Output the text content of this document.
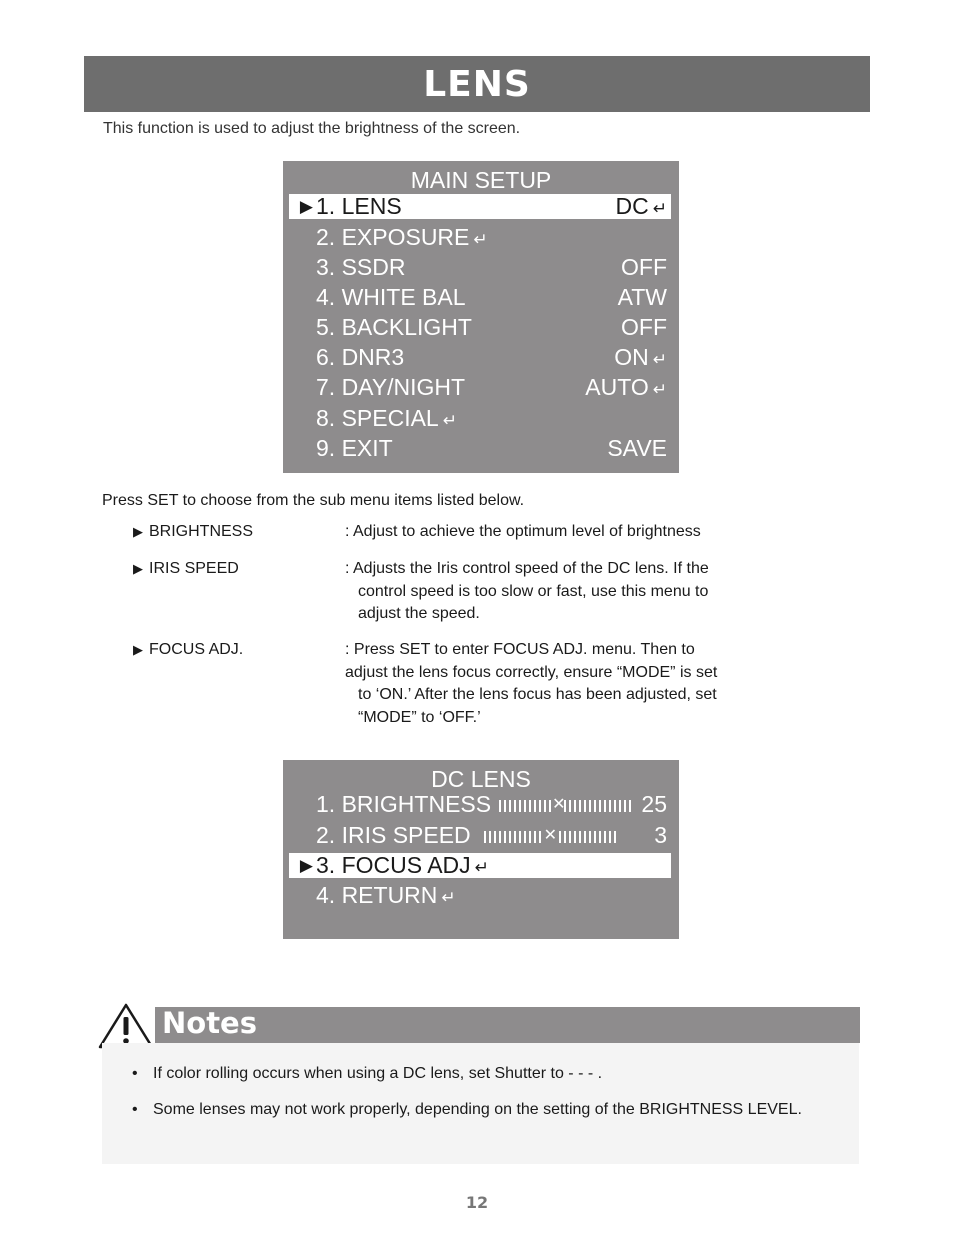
LENS

This function is used to adjust the brightness of the screen.

MAIN SETUP
▶ 1. LENS	DC ↵
2. EXPOSURE ↵
3. SSDR	OFF
4. WHITE BAL	ATW
5. BACKLIGHT	OFF
6. DNR3	ON ↵
7. DAY/NIGHT	AUTO ↵
8. SPECIAL ↵
9. EXIT	SAVE

Press SET to choose from the sub menu items listed below.

▶ BRIGHTNESS	: Adjust to achieve the optimum level of brightness
▶ IRIS SPEED	: Adjusts the Iris control speed of the DC lens. If the
control speed is too slow or fast, use this menu to
adjust the speed.
▶ FOCUS ADJ.	: Press SET to enter FOCUS ADJ. menu. Then to
adjust the lens focus correctly, ensure “MODE” is set
to ‘ON.’ After the lens focus has been adjusted, set
“MODE” to ‘OFF.’
DC LENS
1. BRIGHTNESS	✕	25
2. IRIS SPEED	✕	3
▶ 3. FOCUS ADJ ↵
4. RETURN ↵
Notes
• If color rolling occurs when using a DC lens, set Shutter to - - - .
• Some lenses may not work properly, depending on the setting of the BRIGHTNESS LEVEL.
12
